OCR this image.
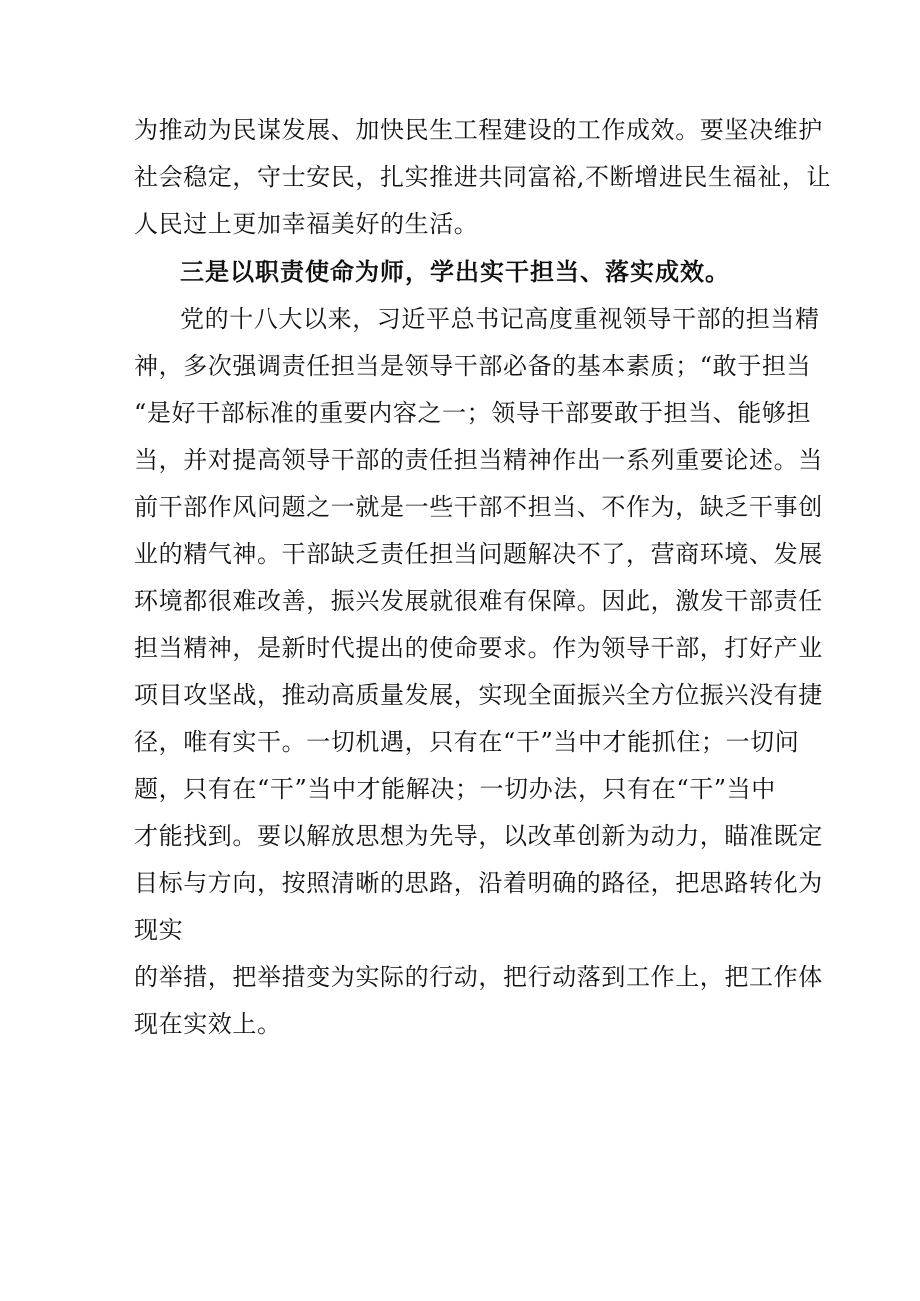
为推动为民谋发展、加快民生工程建设的工作成效。要坚决维护
社会稳定，守士安民，扎实推进共同富裕,不断增进民生福祉，让
人民过上更加幸福美好的生活。
三是以职责使命为师，学出实干担当、落实成效。
党的十八大以来，习近平总书记高度重视领导干部的担当精
神，多次强调责任担当是领导干部必备的基本素质；“敢于担当
“是好干部标准的重要内容之一；领导干部要敢于担当、能够担
当，并对提高领导干部的责任担当精神作出一系列重要论述。当
前干部作风问题之一就是一些干部不担当、不作为，缺乏干事创
业的精气神。干部缺乏责任担当问题解决不了，营商环境、发展
环境都很难改善，振兴发展就很难有保障。因此，激发干部责任
担当精神，是新时代提出的使命要求。作为领导干部，打好产业
项目攻坚战，推动高质量发展，实现全面振兴全方位振兴没有捷
径，唯有实干。一切机遇，只有在“干”当中才能抓住；一切问
题，只有在“干”当中才能解决；一切办法，只有在“干”当中
才能找到。要以解放思想为先导，以改革创新为动力，瞄准既定
目标与方向，按照清晰的思路，沿着明确的路径，把思路转化为
现实
的举措，把举措变为实际的行动，把行动落到工作上，把工作体
现在实效上。
